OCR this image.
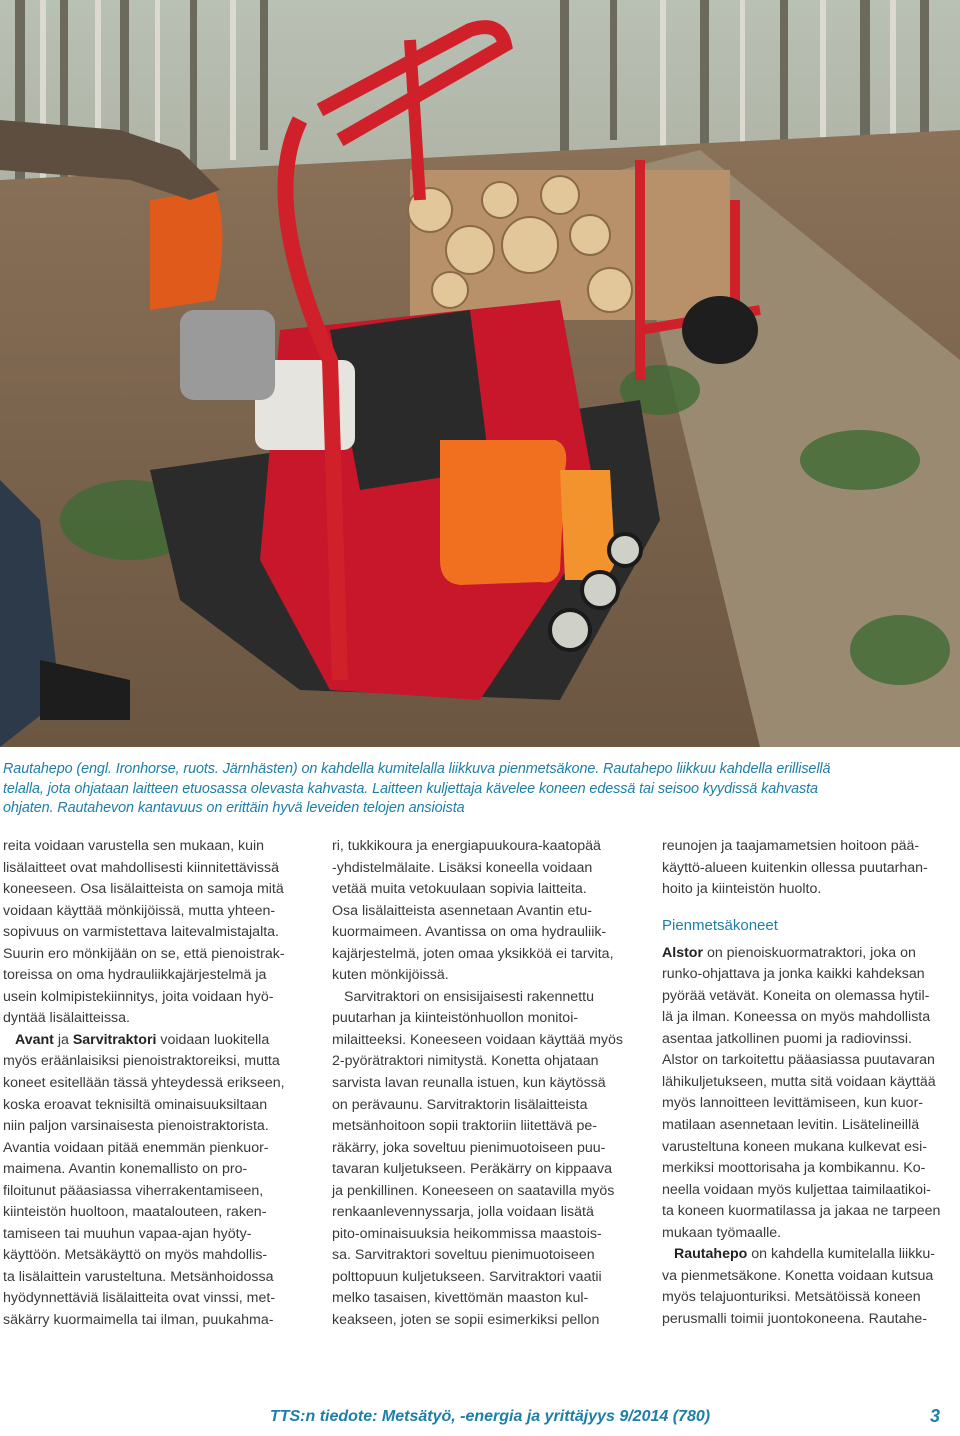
Rautahepo (engl. Ironhorse, ruots. Järnhästen) on kahdella kumitelalla liikkuva pienmetsäkone. Rautahepo liikkuu kahdella erillisellä
telalla, jota ohjataan laitteen etuosassa olevasta kahvasta. Laitteen kuljettaja kävelee koneen edessä tai seisoo kyydissä kahvasta
ohjaten. Rautahevon kantavuus on erittäin hyvä leveiden telojen ansioista
reita voidaan varustella sen mukaan, kuin
lisälaitteet ovat mahdollisesti kiinnitettävissä
koneeseen. Osa lisälaitteista on samoja mitä
voidaan käyttää mönkijöissä, mutta yhteen-
sopivuus on varmistettava laitevalmistajalta.
Suurin ero mönkijään on se, että pienoistrak-
toreissa on oma hydrauliikkajärjestelmä ja
usein kolmipistekiinnitys, joita voidaan hyö-
dyntää lisälaitteissa.
Avant ja Sarvitraktori voidaan luokitella
myös eräänlaisiksi pienoistraktoreiksi, mutta
koneet esitellään tässä yhteydessä erikseen,
koska eroavat teknisiltä ominaisuuksiltaan
niin paljon varsinaisesta pienoistraktorista.
Avantia voidaan pitää enemmän pienkuor-
maimena. Avantin konemallisto on pro-
filoitunut pääasiassa viherrakentamiseen,
kiinteistön huoltoon, maatalouteen, raken-
tamiseen tai muuhun vapaa-ajan hyöty-
käyttöön. Metsäkäyttö on myös mahdollis-
ta lisälaittein varusteltuna. Metsänhoidossa
hyödynnettäviä lisälaitteita ovat vinssi, met-
säkärry kuormaimella tai ilman, puukahma-
ri, tukkikoura ja energiapuukoura-kaatopää
-yhdistelmälaite. Lisäksi koneella voidaan
vetää muita vetokuulaan sopivia laitteita.
Osa lisälaitteista asennetaan Avantin etu-
kuormaimeen. Avantissa on oma hydrauliik-
kajärjestelmä, joten omaa yksikköä ei tarvita,
kuten mönkijöissä.
Sarvitraktori on ensisijaisesti rakennettu
puutarhan ja kiinteistönhuollon monitoi-
milaitteeksi. Koneeseen voidaan käyttää myös
2-pyörätraktori nimitystä. Konetta ohjataan
sarvista lavan reunalla istuen, kun käytössä
on perävaunu. Sarvitraktorin lisälaitteista
metsänhoitoon sopii traktoriin liitettävä pe-
räkärry, joka soveltuu pienimuotoiseen puu-
tavaran kuljetukseen. Peräkärry on kippaava
ja penkillinen. Koneeseen on saatavilla myös
renkaanlevennyssarja, jolla voidaan lisätä
pito-ominaisuuksia heikommissa maastois-
sa. Sarvitraktori soveltuu pienimuotoiseen
polttopuun kuljetukseen. Sarvitraktori vaatii
melko tasaisen, kivettömän maaston kul-
keakseen, joten se sopii esimerkiksi pellon
reunojen ja taajamametsien hoitoon pää-
käyttö-alueen kuitenkin ollessa puutarhan-
hoito ja kiinteistön huolto.
Pienmetsäkoneet
Alstor on pienoiskuormatraktori, joka on
runko-ohjattava ja jonka kaikki kahdeksan
pyörää vetävät. Koneita on olemassa hytil-
lä ja ilman. Koneessa on myös mahdollista
asentaa jatkollinen puomi ja radiovinssi.
Alstor on tarkoitettu pääasiassa puutavaran
lähikuljetukseen, mutta sitä voidaan käyttää
myös lannoitteen levittämiseen, kun kuor-
matilaan asennetaan levitin. Lisätelineillä
varusteltuna koneen mukana kulkevat esi-
merkiksi moottorisaha ja kombikannu. Ko-
neella voidaan myös kuljettaa taimilaatikoi-
ta koneen kuormatilassa ja jakaa ne tarpeen
mukaan työmaalle.
Rautahepo on kahdella kumitelalla liikku-
va pienmetsäkone. Konetta voidaan kutsua
myös telajuonturiksi. Metsätöissä koneen
perusmalli toimii juontokoneena. Rautahe-
TTS:n tiedote: Metsätyö, -energia ja yrittäjyys 9/2014 (780)	3
